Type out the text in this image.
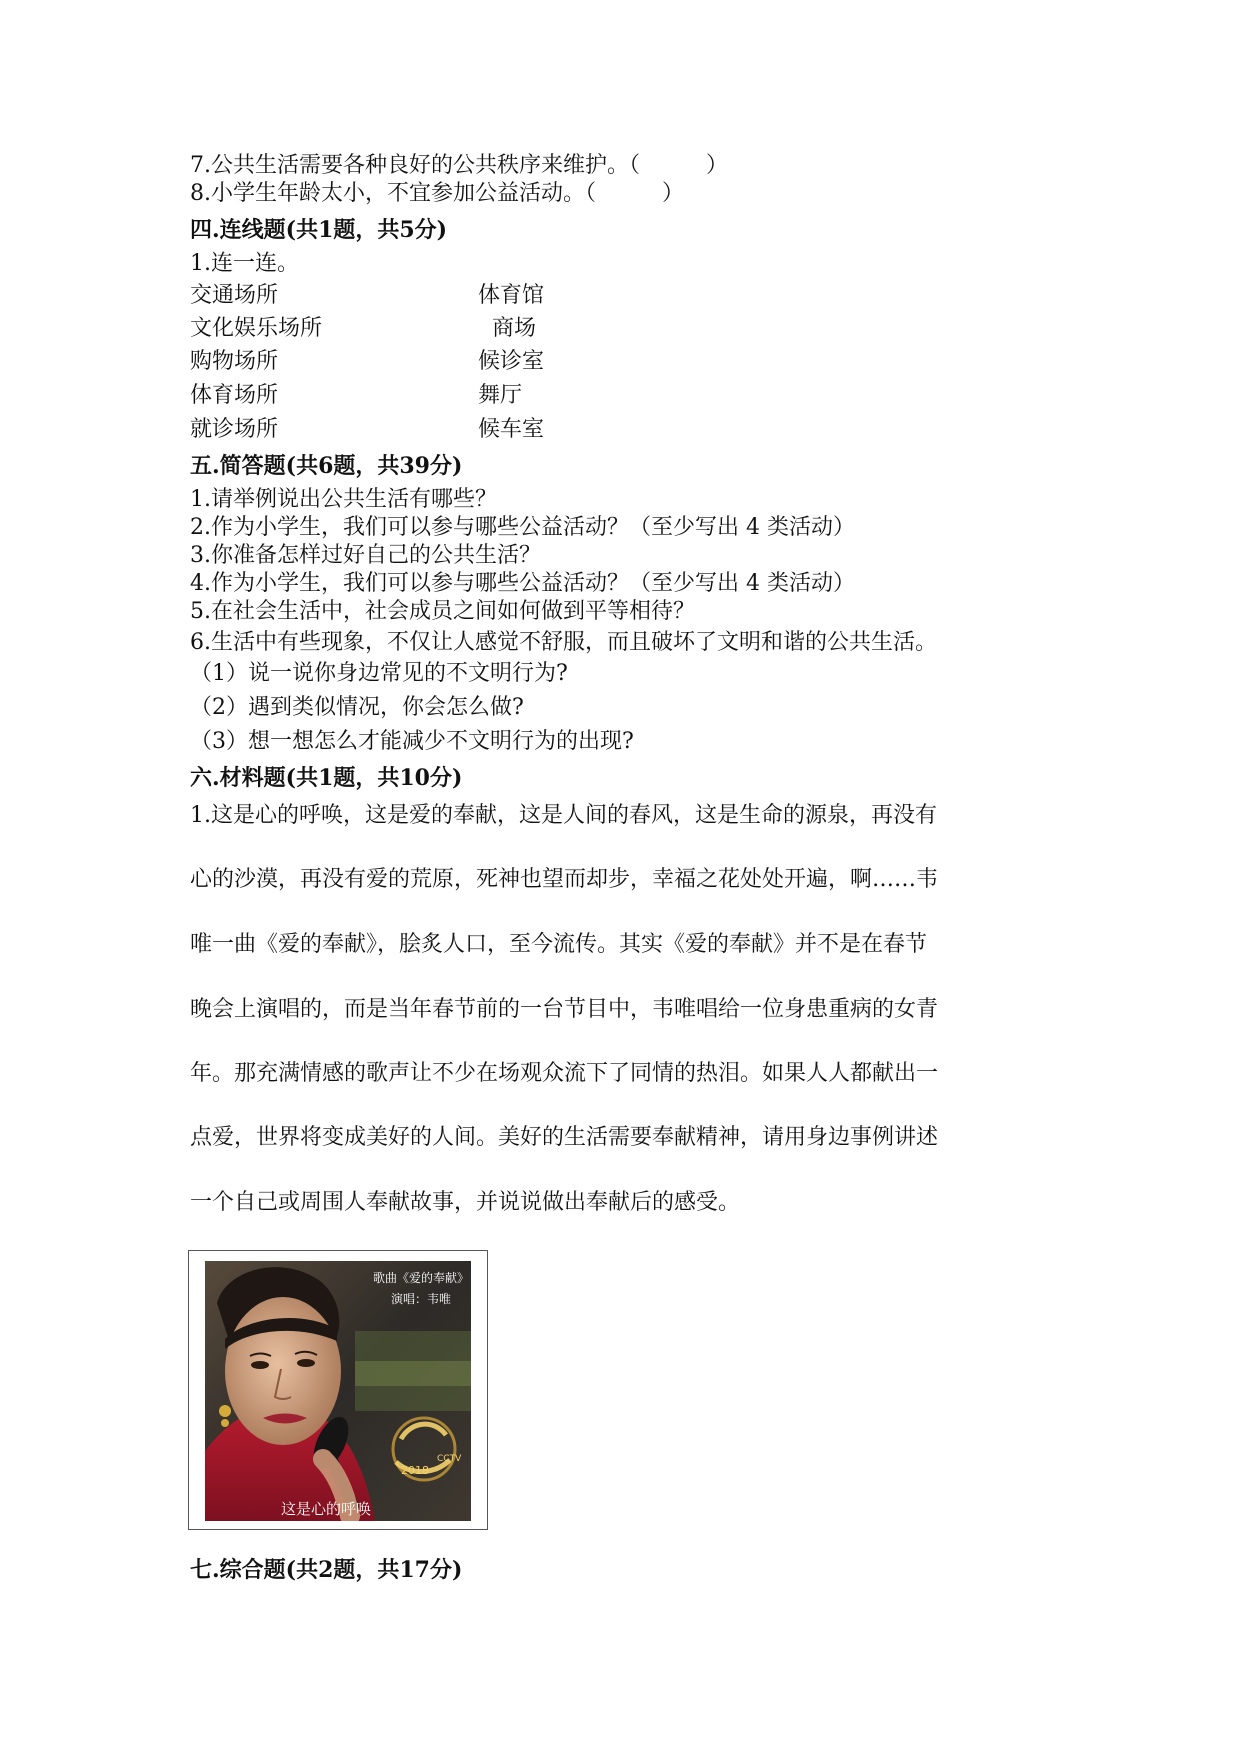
7.公共生活需要各种良好的公共秩序来维护。（　　　）
8.小学生年龄太小，不宜参加公益活动。（　　　）
四.连线题(共1题，共5分)
1.连一连。
交通场所	体育馆
文化娱乐场所	商场
购物场所	候诊室
体育场所	舞厅
就诊场所	候车室
五.简答题(共6题，共39分)
1.请举例说出公共生活有哪些？
2.作为小学生，我们可以参与哪些公益活动？（至少写出 4 类活动）
3.你准备怎样过好自己的公共生活？
4.作为小学生，我们可以参与哪些公益活动？（至少写出 4 类活动）
5.在社会生活中，社会成员之间如何做到平等相待？
6.生活中有些现象，不仅让人感觉不舒服，而且破坏了文明和谐的公共生活。
（1）说一说你身边常见的不文明行为?
（2）遇到类似情况，你会怎么做?
（3）想一想怎么才能减少不文明行为的出现?
六.材料题(共1题，共10分)
1.这是心的呼唤，这是爱的奉献，这是人间的春风，这是生命的源泉，再没有
心的沙漠，再没有爱的荒原，死神也望而却步，幸福之花处处开遍，啊……韦
唯一曲《爱的奉献》，脍炙人口，至今流传。其实《爱的奉献》并不是在春节
晚会上演唱的，而是当年春节前的一台节目中，韦唯唱给一位身患重病的女青
年。那充满情感的歌声让不少在场观众流下了同情的热泪。如果人人都献出一
点爱，世界将变成美好的人间。美好的生活需要奉献精神，请用身边事例讲述
一个自己或周围人奉献故事，并说说做出奉献后的感受。
歌曲《爱的奉献》
演唱：韦唯
2018
CCTV
这是心的呼唤
七.综合题(共2题，共17分)
